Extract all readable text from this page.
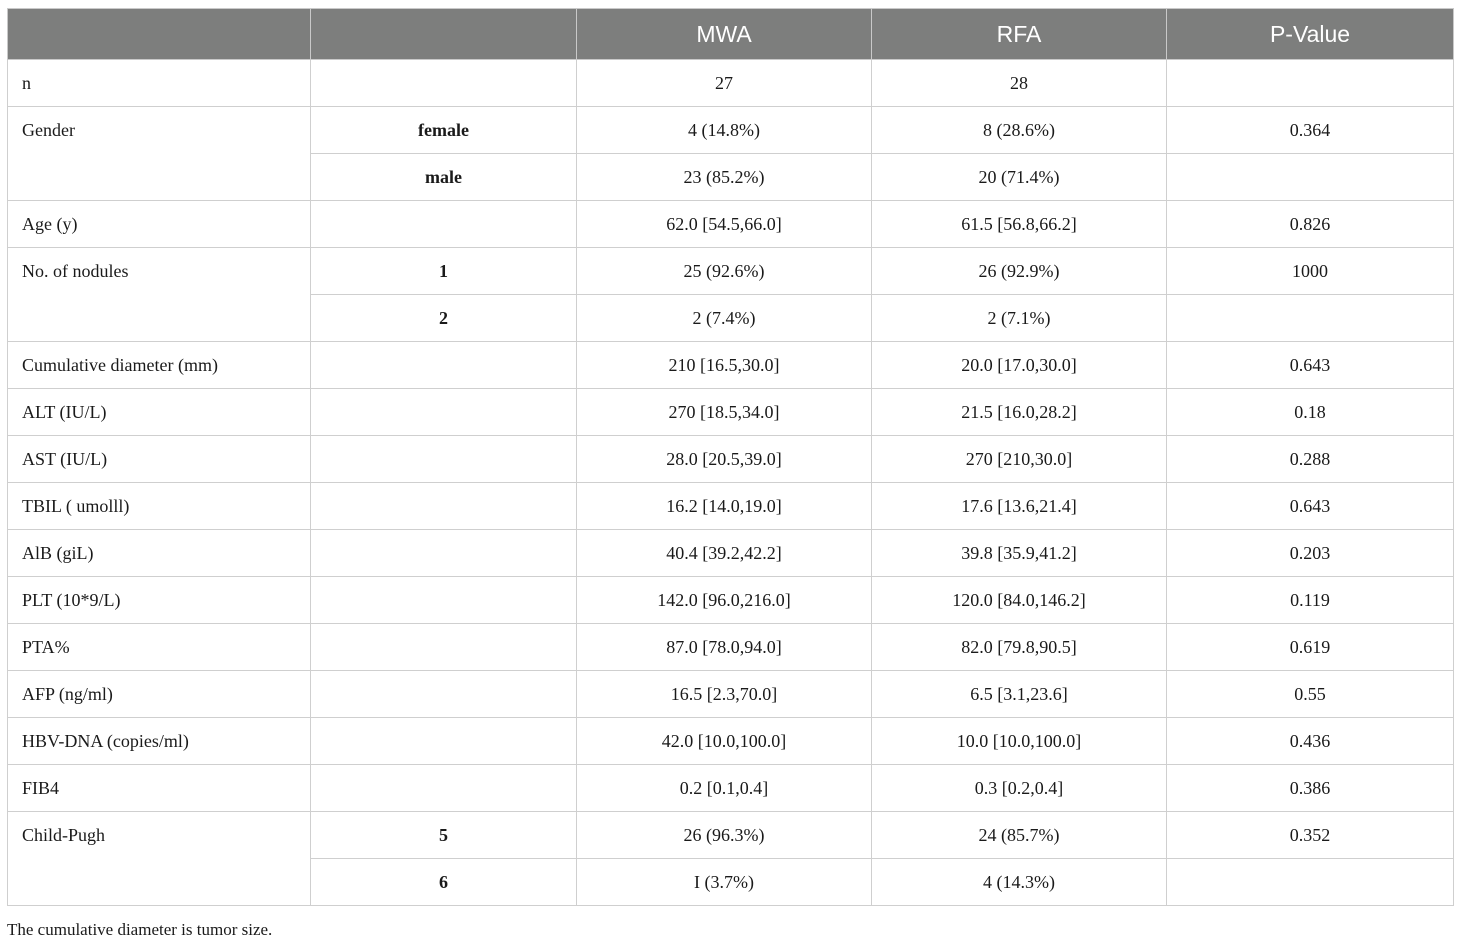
		MWA	RFA	P-Value
n		27	28	
Gender	female	4 (14.8%)	8 (28.6%)	0.364
	male	23 (85.2%)	20 (71.4%)	
Age (y)		62.0 [54.5,66.0]	61.5 [56.8,66.2]	0.826
No. of nodules	1	25 (92.6%)	26 (92.9%)	1000
	2	2 (7.4%)	2 (7.1%)	
Cumulative diameter (mm)		210 [16.5,30.0]	20.0 [17.0,30.0]	0.643
ALT (IU/L)		270 [18.5,34.0]	21.5 [16.0,28.2]	0.18
AST (IU/L)		28.0 [20.5,39.0]	270 [210,30.0]	0.288
TBIL ( umolll)		16.2 [14.0,19.0]	17.6 [13.6,21.4]	0.643
AlB (giL)		40.4 [39.2,42.2]	39.8 [35.9,41.2]	0.203
PLT (10*9/L)		142.0 [96.0,216.0]	120.0 [84.0,146.2]	0.119
PTA%		87.0 [78.0,94.0]	82.0 [79.8,90.5]	0.619
AFP (ng/ml)		16.5 [2.3,70.0]	6.5 [3.1,23.6]	0.55
HBV-DNA (copies/ml)		42.0 [10.0,100.0]	10.0 [10.0,100.0]	0.436
FIB4		0.2 [0.1,0.4]	0.3 [0.2,0.4]	0.386
Child-Pugh	5	26 (96.3%)	24 (85.7%)	0.352
	6	I (3.7%)	4 (14.3%)	
The cumulative diameter is tumor size.
